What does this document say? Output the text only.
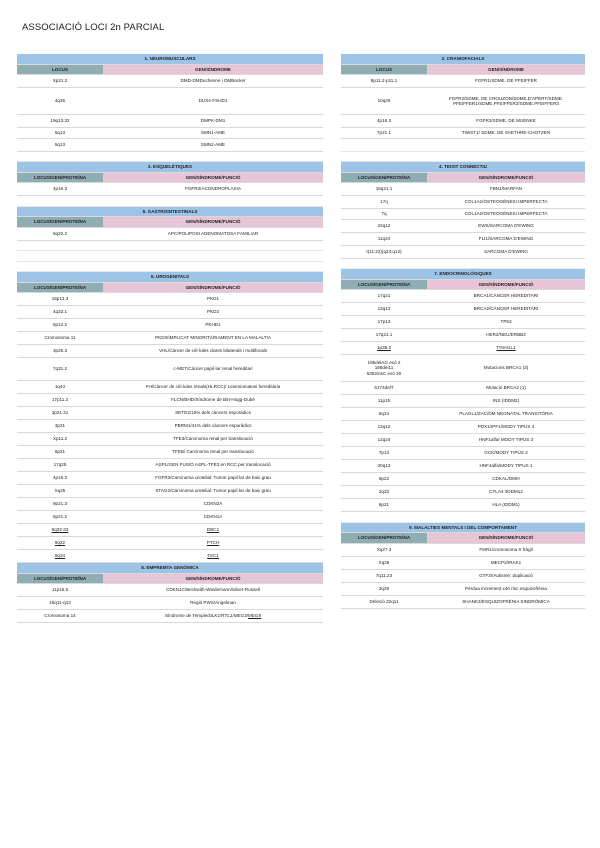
ASSOCIACIÓ LOCI 2n PARCIAL
1. NEUROMUSCULARS	
LOCUS	GEN/SÍNDROME
Xp21.2	DMD-DMDuchenne i DMBecker
4q35	DUX4-FSHD1
19q13.32	DMPK-DM1
5q13	SMN1-AME
5q13	SMN2-AME

3. ESQUELÈTIQUES	
LOCUS/GEN/PROTEÏNA	GEN/SÍNDROME/FUNCIÓ
4p16.3	FGFR3/ACONDROPLÀSIA

5. GASTROINTESTINALS	
LOCUS/GEN/PROTEÏNA	GEN/SÍNDROME/FUNCIÓ
5q22.2	APC/POLIPOSI ADENOMATOSA FAMILIAR

6. UROGENITALS	
LOCUS/GEN/PROTEÏNA	GEN/SÍNDROME/FUNCIÓ
16p13.3	PKD1
4q22.1	PKD2
6p12.2	PKHD1
Cromosoma 11	PKD3/IMPLICAT MINORITÀRIAMENT EN LA MALALTIA
3p25.3	VHL/Càncer de cèl·lules clares bilaterals i multifocals
7q31.2	c-MET/Càncer papil·lar renal hereditari
1q43	FH/Càncer de cèl·lules renals(HLRCC)/ Leiomiomatosi hereditària
17p11.2	FLCN/BHD/Síndrome de Birt-Hogg-Dubé
3p21.31	SETD2/15% dels càncers esporàdics
3p21	PBRM1/41% dels càncers esporàdics
Xp11.2	TFE3/Carcinoma renal per translocació
6p21	TFEB/ Carcinoma renal per translocació
17q25	ASPL/GEN FUSIÓ ASPL-TFE3 en RCC per translocació
4p16.3	FGFR3/Carcinoma urotelial: Tumor papil·lar de baix grau
Xq25	STAG2/Carcinoma urotelial: Tumor papil·lar de baix grau
9p21.3	CDKN2A
6p21.2	CDKN1A
9q32-33	DBC1
9q22	PTCH
9q34	TSC1
8. EMPREMTA GENÒMICA	
LOCUS/GEN/PROTEÏNA	GEN/SÍNDROME/FUNCIÓ
11p15.5	CDKN1C/Beckwith-Wiedemann/Silver-Russell
15q11-q13	Regió PWS/Angelman
Cromosoma 14	Síndrome de Temple/DLK1/RTL1/MEG3/MEG8
2. CRANIOFACIALS	
LOCUS	GEN/SÍNDROME
8p11.2-p11.1	FGFR1/SDME. DE PFEIFFER
10q26	FGFR2/SDME. DE CROUZON/SDME.D'APERT/SDME. PFEIFFER1/SDME.PFEIFFER2/SDME.PFEIFFER3
4p16.3	FGFR3/SDME. DE MUENKE
7p21.1	TWIST1/ SDME. DE SAETHRE-CHOTZEN

4. TEIXIT CONNECTIU	
LOCUS/GEN/PROTEÏNA	GEN/SÍNDROME/FUNCIÓ
15q21.1	FBN1/MARFAN
17q	COL1A1/OSTEOGÈNESI IMPERFECTA
7q	COL1A2/OSTEOGÈNESI IMPERFECTA
22q12	EWS/SARCOMA D'EWING
11q24	FLI1/SARCOMA D'EWING
t(11;22)(q24;q12)	SARCOMA D'EWING

7. ENDOCRINOLÒGIQUES	
LOCUS/GEN/PROTEÏNA	GEN/SÍNDROME/FUNCIÓ
17q21	BRCA1/CÀNCER HEREDITARI
13q13	BRCA2/CÀNCER HEREDITARI
17p13	TP53
17q21.1	HER2/NEU/ERBB2
1p35.2	TINAGL1

185delAG exó 2
188del11
5382insC exó 20	Mutacions BRCA1 (3)
6174delT	Mutació BRCA2 (1)
11p15	INS (IDDM2)
6q24	PLAGL1/ZAC/DM NEONATAL TRANSITÒRIA
13q12	PDX1/IPF1/MODY TIPUS 4
12q24	HNF1alfa/ MODY TIPUS 3
7p13	GCK/MODY TIPUS 2
20q13	HNF4alfa/MODY TIPUS 1
6p22	CDKAL/DMIII
2q33	CTLA4 /IDDM12
6p21	HLA (IDDM1)

9. MALALTIES MENTALS I DEL COMPORTAMENT	
LOCUS/GEN/PROTEÏNA	GEN/SÍNDROME/FUNCIÓ
Xq27.3	FMR1/cromosoma X fràgil
Xq28	MECP2/IRAK1
7q11.23	GTF2I/Autisme; duplicació
3q29	Pèrdua increment x40 risc esquizofrènia
Deleció 22q11	SHANK3/ESQUIZOFRÈNIA SINDRÒMICA
